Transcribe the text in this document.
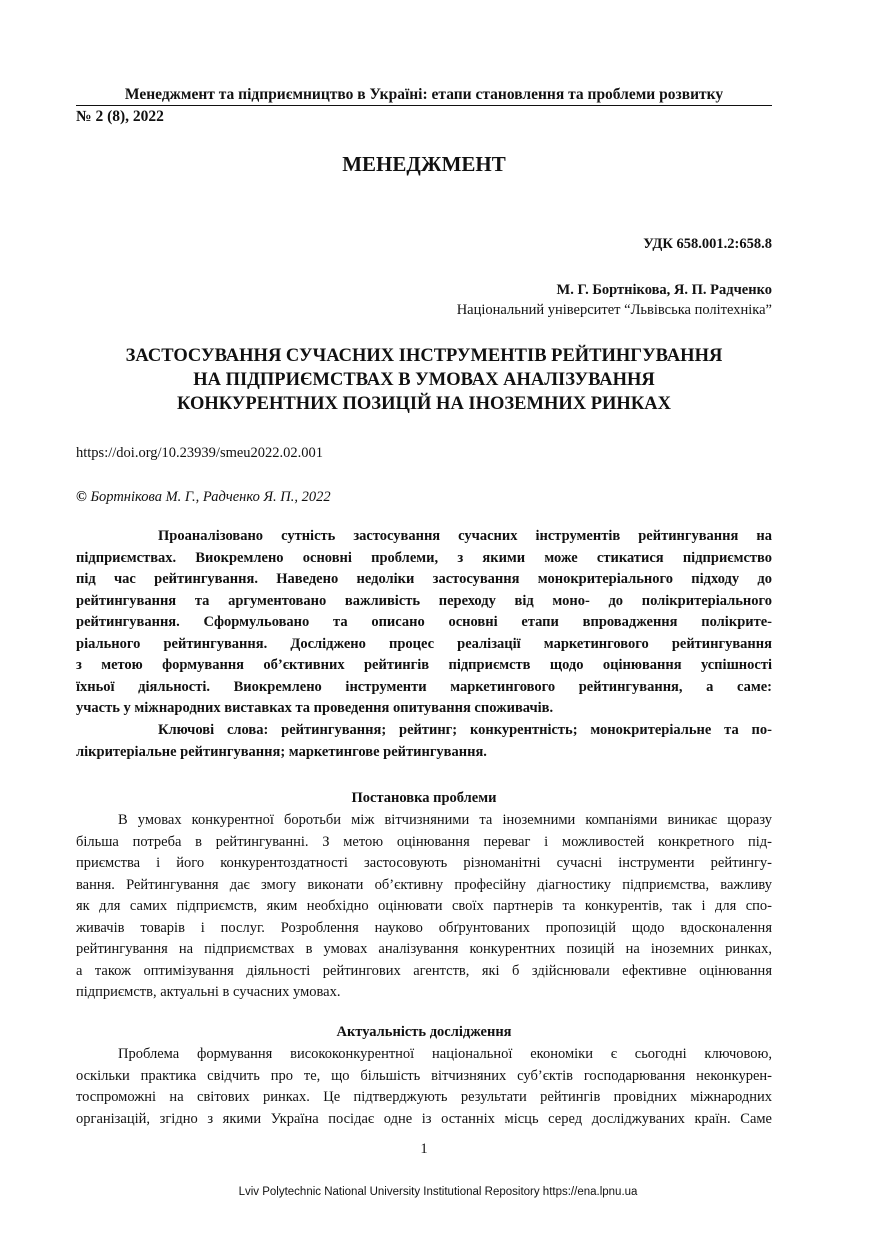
Менеджмент та підприємництво в Україні: етапи становлення та проблеми розвитку
№ 2 (8), 2022
МЕНЕДЖМЕНТ
УДК 658.001.2:658.8
М. Г. Бортнікова, Я. П. Радченко
Національний університет “Львівська політехніка”
ЗАСТОСУВАННЯ СУЧАСНИХ ІНСТРУМЕНТІВ РЕЙТИНГУВАННЯ
НА ПІДПРИЄМСТВАХ В УМОВАХ АНАЛІЗУВАННЯ
КОНКУРЕНТНИХ ПОЗИЦІЙ НА ІНОЗЕМНИХ РИНКАХ
https://doi.org/10.23939/smeu2022.02.001
© Бортнікова М. Г., Радченко Я. П., 2022
Проаналізовано сутність застосування сучасних інструментів рейтингування на
підприємствах. Виокремлено основні проблеми, з якими може стикатися підприємство
під час рейтингування. Наведено недоліки застосування монокритеріального підходу до
рейтингування та аргументовано важливість переходу від моно- до полікритеріального
рейтингування. Сформульовано та описано основні етапи впровадження полікрите-
ріального рейтингування. Досліджено процес реалізації маркетингового рейтингування
з метою формування об’єктивних рейтингів підприємств щодо оцінювання успішності
їхньої діяльності. Виокремлено інструменти маркетингового рейтингування, а саме:
участь у міжнародних виставках та проведення опитування споживачів.
Ключові слова: рейтингування; рейтинг; конкурентність; монокритеріальне та по-
лікритеріальне рейтингування; маркетингове рейтингування.
Постановка проблеми
В умовах конкурентної боротьби між вітчизняними та іноземними компаніями виникає щоразу
більша потреба в рейтингуванні. З метою оцінювання переваг і можливостей конкретного під-
приємства і його конкурентоздатності застосовують різноманітні сучасні інструменти рейтингу-
вання. Рейтингування дає змогу виконати об’єктивну професійну діагностику підприємства, важливу
як для самих підприємств, яким необхідно оцінювати своїх партнерів та конкурентів, так і для спо-
живачів товарів і послуг. Розроблення науково обґрунтованих пропозицій щодо вдосконалення
рейтингування на підприємствах в умовах аналізування конкурентних позицій на іноземних ринках,
а також оптимізування діяльності рейтингових агентств, які б здійснювали ефективне оцінювання
підприємств, актуальні в сучасних умовах.
Актуальність дослідження
Проблема формування висококонкурентної національної економіки є сьогодні ключовою,
оскільки практика свідчить про те, що більшість вітчизняних суб’єктів господарювання неконкурен-
тоспроможні на світових ринках. Це підтверджують результати рейтингів провідних міжнародних
організацій, згідно з якими Україна посідає одне із останніх місць серед досліджуваних країн. Саме
1
Lviv Polytechnic National University Institutional Repository https://ena.lpnu.ua
